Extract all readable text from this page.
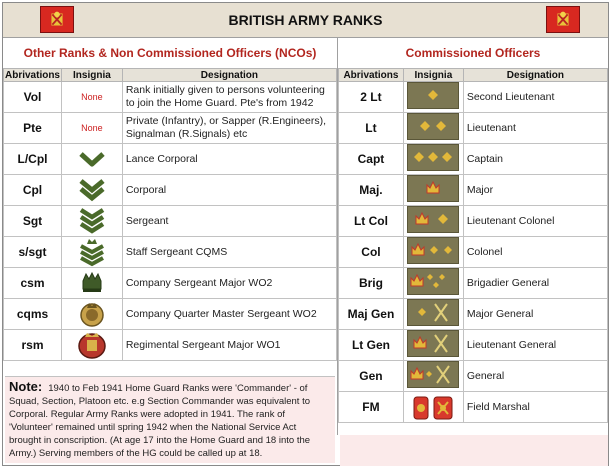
BRITISH ARMY RANKS
Other Ranks & Non Commissioned Officers (NCOs)	Commissioned Officers
Abrivations	Insignia	Designation
Vol	None	Rank initially given to persons volunteering to join the Home Guard. Pte's from 1942
Pte	None	Private (Infantry), or Sapper (R.Engineers), Signalman (R.Signals) etc
L/Cpl		Lance Corporal
Cpl		Corporal
Sgt		Sergeant
s/sgt		Staff Sergeant CQMS
csm		Company Sergeant Major WO2
cqms		Company Quarter Master Sergeant WO2
rsm		Regimental Sergeant Major WO1
Abrivations	Insignia	Designation
2 Lt		Second Lieutenant
Lt		Lieutenant
Capt		Captain
Maj.		Major
Lt Col		Lieutenant Colonel
Col		Colonel
Brig		Brigadier General
Maj Gen		Major General
Lt Gen		Lieutenant General
Gen		General
FM		Field Marshal
Note: 1940 to Feb 1941 Home Guard Ranks were 'Commander' - of Squad, Section, Platoon etc. e.g Section Commander was equivalent to Corporal. Regular Army Ranks were adopted in 1941. The rank of 'Volunteer' remained until spring 1942 when the National Service Act brought in conscription. (At age 17 into the Home Guard and 18 into the Army.) Serving members of the HG could be called up at 18.
